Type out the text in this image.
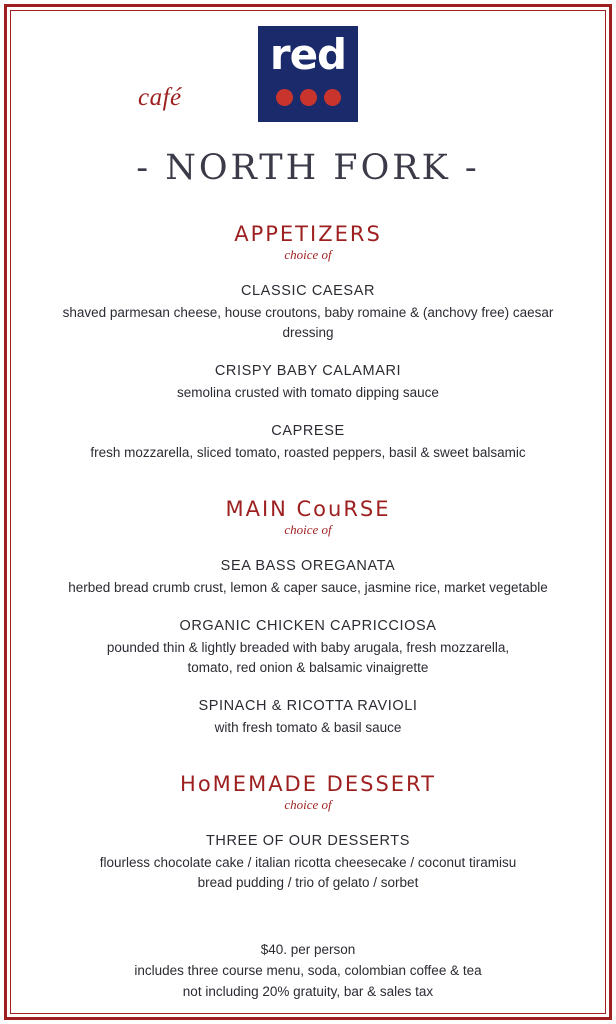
café
red
- NORTH FORK -
APPETIZERS
choice of
CLASSIC CAESAR
shaved parmesan cheese, house croutons, baby romaine & (anchovy free) caesar dressing
CRISPY BABY CALAMARI
semolina crusted with tomato dipping sauce
CAPRESE
fresh mozzarella, sliced tomato, roasted peppers, basil & sweet balsamic
MAIN CouRSE
choice of
SEA BASS OREGANATA
herbed bread crumb crust, lemon & caper sauce, jasmine rice, market vegetable
ORGANIC CHICKEN CAPRICCIOSA
pounded thin & lightly breaded with baby arugala, fresh mozzarella,
tomato, red onion & balsamic vinaigrette
SPINACH & RICOTTA RAVIOLI
with fresh tomato & basil sauce
HoMEMADE DESSERT
choice of
THREE OF OUR DESSERTS
flourless chocolate cake / italian ricotta cheesecake / coconut tiramisu
bread pudding / trio of gelato / sorbet
$40. per person
includes three course menu, soda, colombian coffee & tea
not including 20% gratuity, bar & sales tax
